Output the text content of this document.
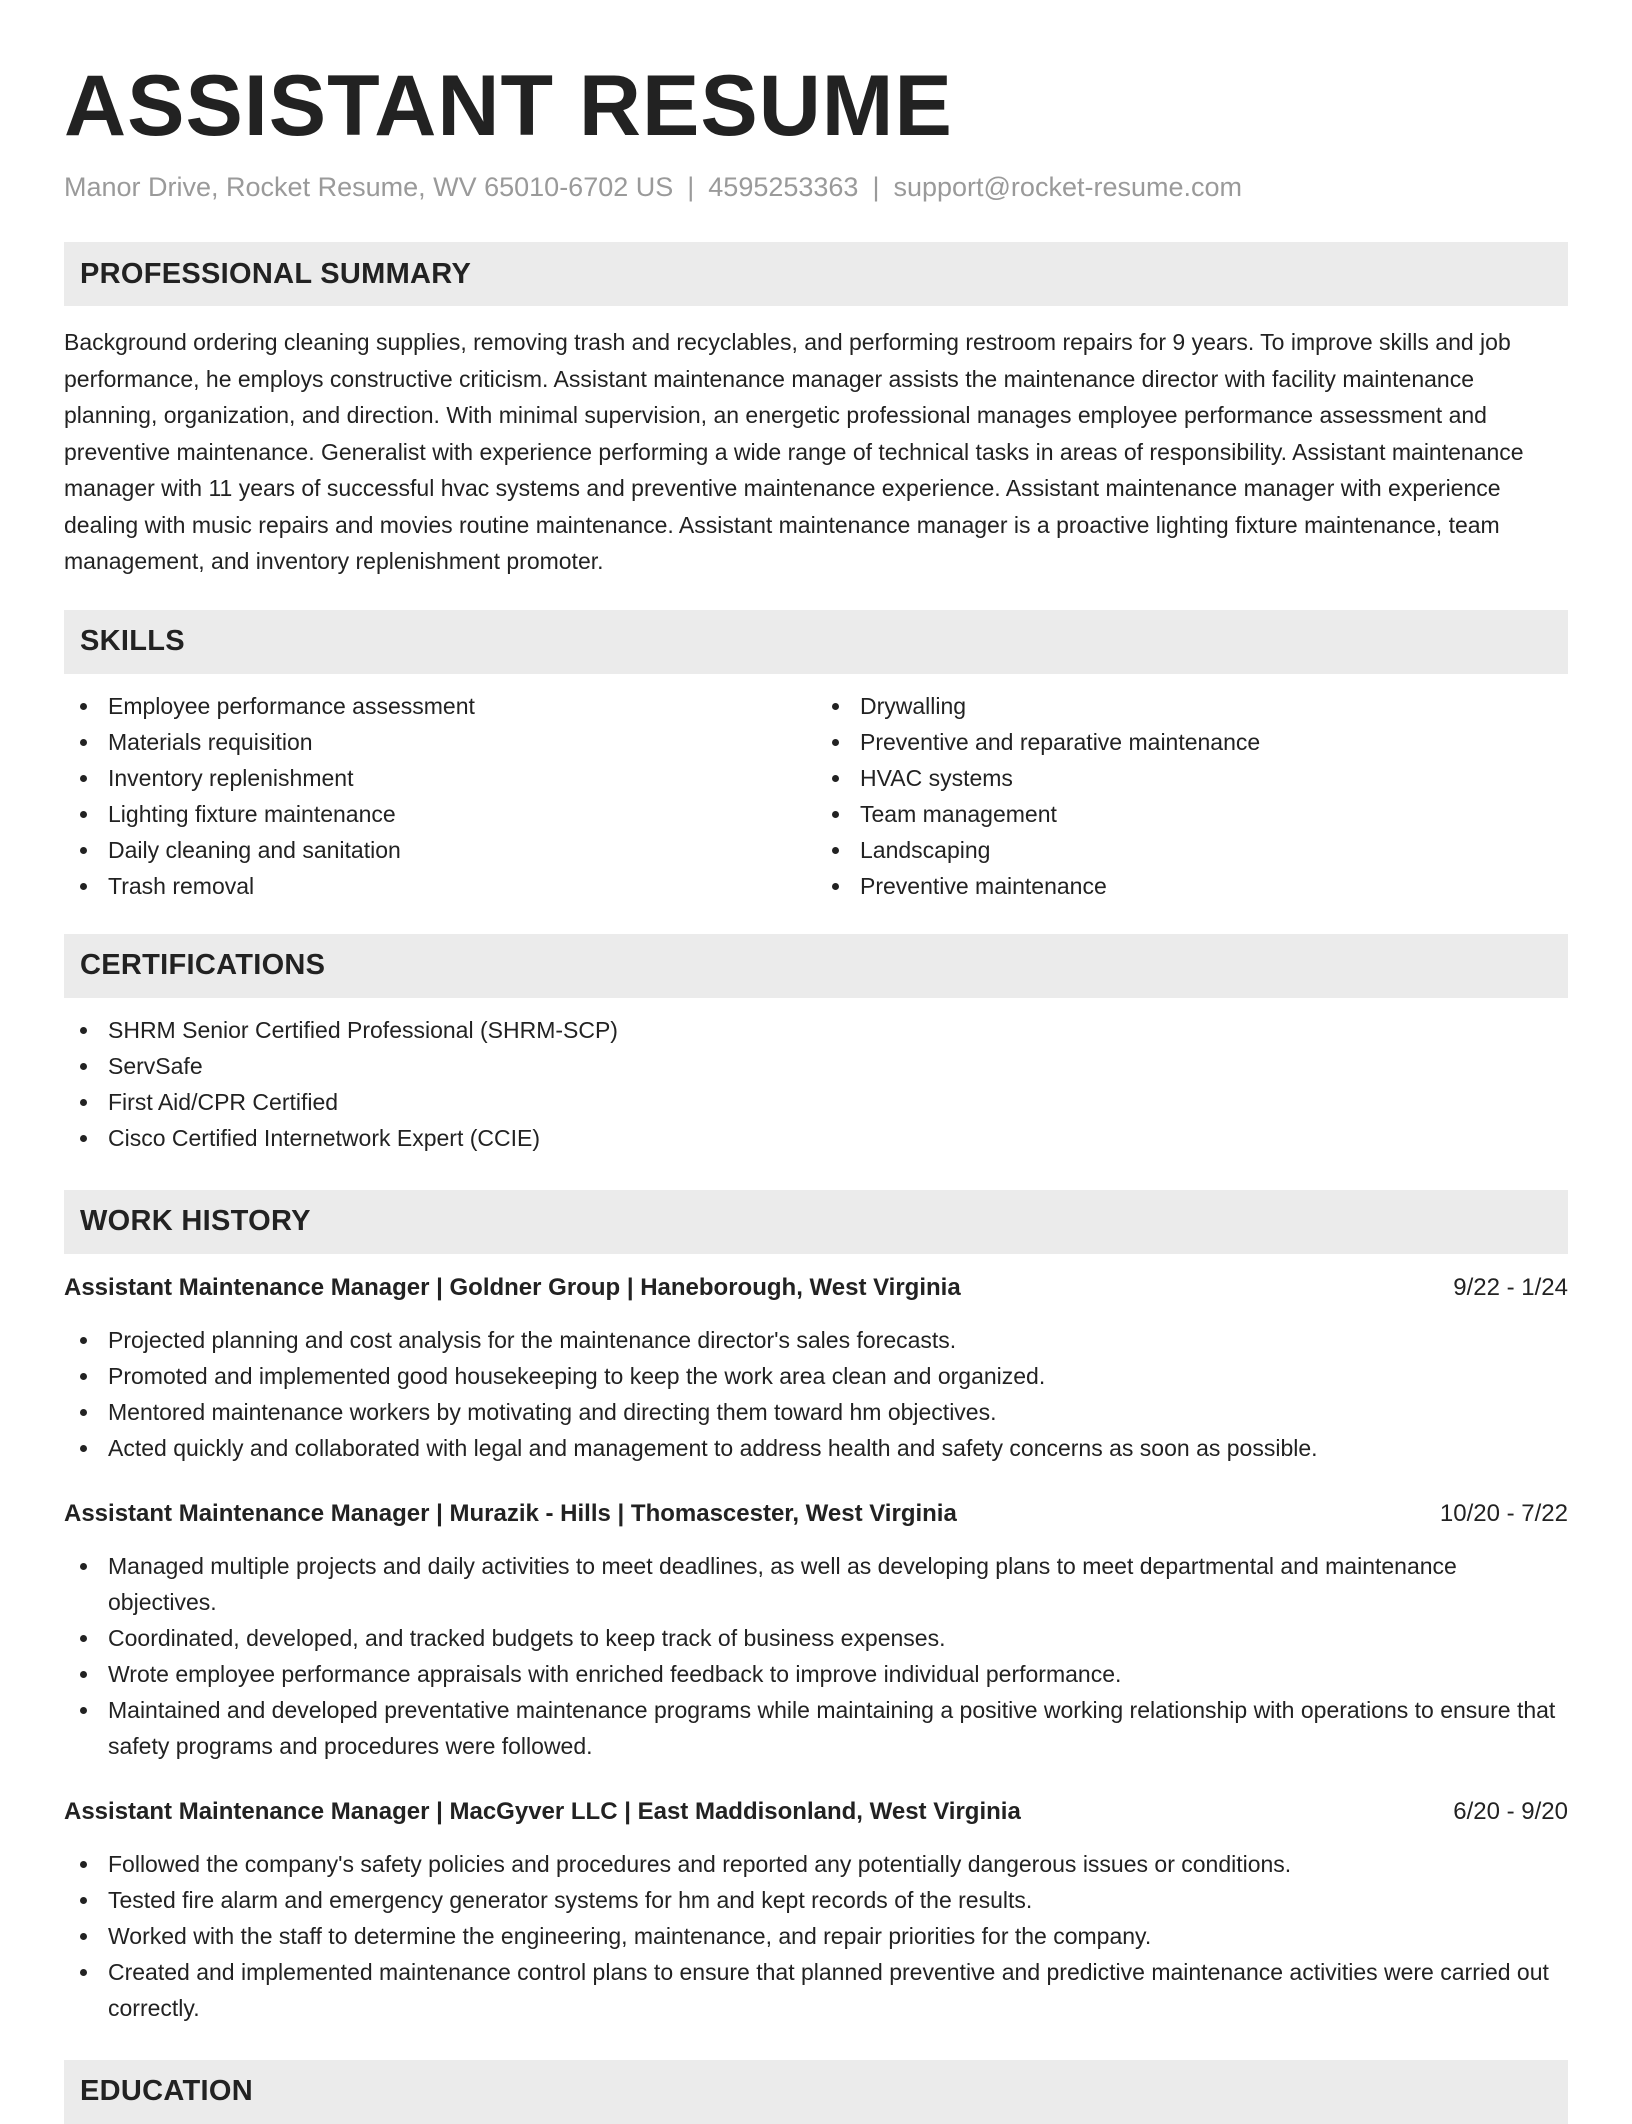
ASSISTANT RESUME
Manor Drive, Rocket Resume, WV 65010-6702 US | 4595253363 | support@rocket-resume.com
PROFESSIONAL SUMMARY

Background ordering cleaning supplies, removing trash and recyclables, and performing restroom repairs for 9 years. To improve skills and job performance, he employs constructive criticism. Assistant maintenance manager assists the maintenance director with facility maintenance planning, organization, and direction. With minimal supervision, an energetic professional manages employee performance assessment and preventive maintenance. Generalist with experience performing a wide range of technical tasks in areas of responsibility. Assistant maintenance manager with 11 years of successful hvac systems and preventive maintenance experience. Assistant maintenance manager with experience dealing with music repairs and movies routine maintenance. Assistant maintenance manager is a proactive lighting fixture maintenance, team management, and inventory replenishment promoter.

SKILLS
Employee performance assessment
Materials requisition
Inventory replenishment
Lighting fixture maintenance
Daily cleaning and sanitation
Trash removal
Drywalling
Preventive and reparative maintenance
HVAC systems
Team management
Landscaping
Preventive maintenance
CERTIFICATIONS
SHRM Senior Certified Professional (SHRM-SCP)
ServSafe
First Aid/CPR Certified
Cisco Certified Internetwork Expert (CCIE)
WORK HISTORY
Assistant Maintenance Manager | Goldner Group | Haneborough, West Virginia	9/22 - 1/24
Projected planning and cost analysis for the maintenance director's sales forecasts.
Promoted and implemented good housekeeping to keep the work area clean and organized.
Mentored maintenance workers by motivating and directing them toward hm objectives.
Acted quickly and collaborated with legal and management to address health and safety concerns as soon as possible.
Assistant Maintenance Manager | Murazik - Hills | Thomascester, West Virginia	10/20 - 7/22
Managed multiple projects and daily activities to meet deadlines, as well as developing plans to meet departmental and maintenance objectives.
Coordinated, developed, and tracked budgets to keep track of business expenses.
Wrote employee performance appraisals with enriched feedback to improve individual performance.
Maintained and developed preventative maintenance programs while maintaining a positive working relationship with operations to ensure that safety programs and procedures were followed.
Assistant Maintenance Manager | MacGyver LLC | East Maddisonland, West Virginia	6/20 - 9/20
Followed the company's safety policies and procedures and reported any potentially dangerous issues or conditions.
Tested fire alarm and emergency generator systems for hm and kept records of the results.
Worked with the staff to determine the engineering, maintenance, and repair priorities for the company.
Created and implemented maintenance control plans to ensure that planned preventive and predictive maintenance activities were carried out correctly.
EDUCATION
